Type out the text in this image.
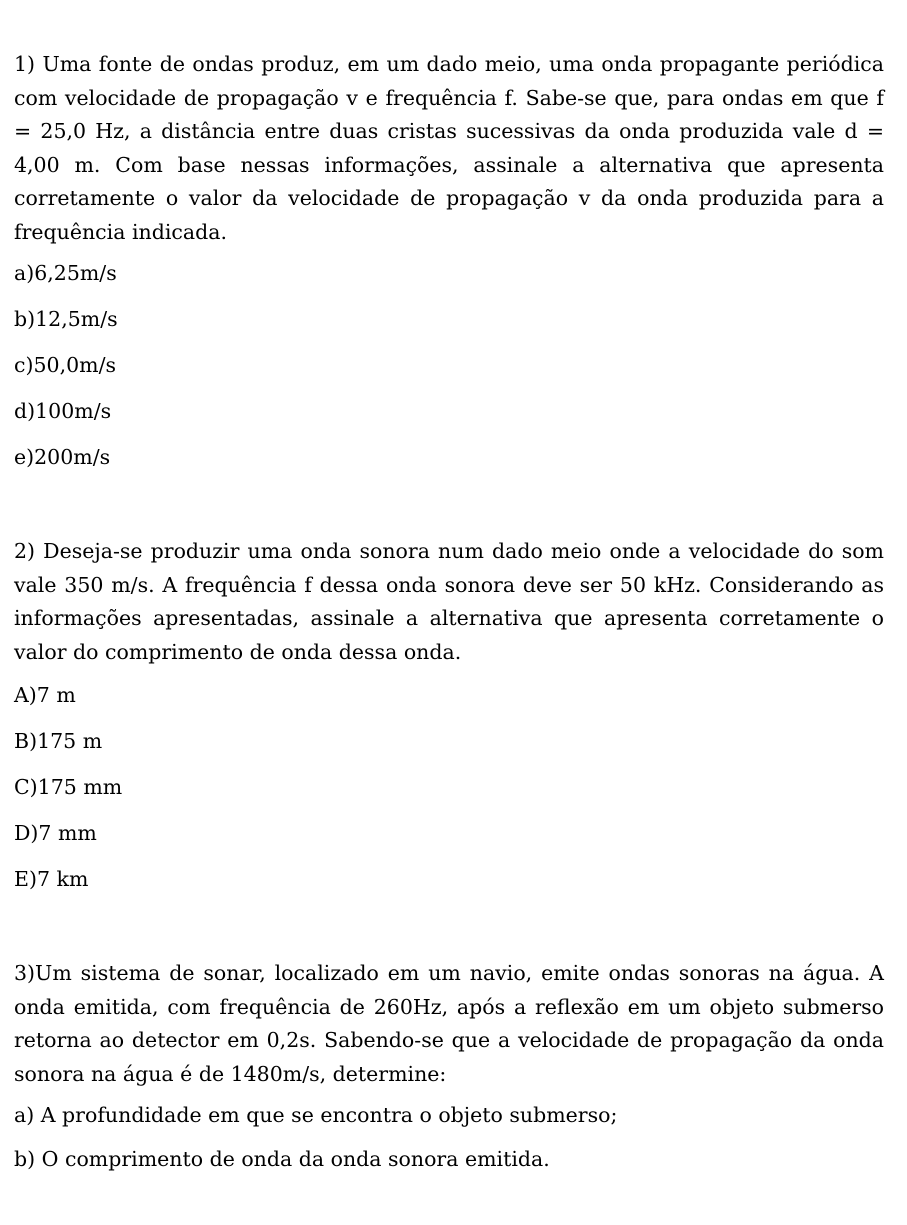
1) Uma fonte de ondas produz, em um dado meio, uma onda propagante periódica com velocidade de propagação v e frequência f. Sabe-se que, para ondas em que f = 25,0 Hz, a distância entre duas cristas sucessivas da onda produzida vale d = 4,00 m. Com base nessas informações, assinale a alternativa que apresenta corretamente o valor da velocidade de propagação v da onda produzida para a frequência indicada.

a)6,25m/s

b)12,5m/s

c)50,0m/s

d)100m/s

e)200m/s

2) Deseja-se produzir uma onda sonora num dado meio onde a velocidade do som vale 350 m/s. A frequência f dessa onda sonora deve ser 50 kHz. Considerando as informações apresentadas, assinale a alternativa que apresenta corretamente o valor do comprimento de onda dessa onda.

A)7 m

B)175 m

C)175 mm

D)7 mm

E)7 km

3)Um sistema de sonar, localizado em um navio, emite ondas sonoras na água. A onda emitida, com frequência de 260Hz, após a reflexão em um objeto submerso retorna ao detector em 0,2s. Sabendo-se que a velocidade de propagação da onda sonora na água é de 1480m/s, determine:

a) A profundidade em que se encontra o objeto submerso;

b) O comprimento de onda da onda sonora emitida.
